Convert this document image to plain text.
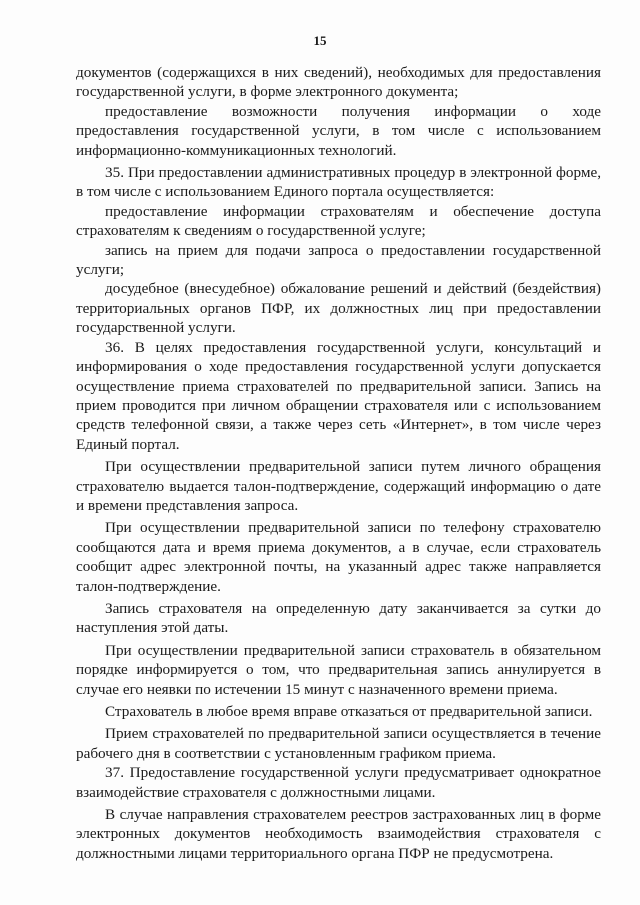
15

документов (содержащихся в них сведений), необходимых для предоставления государственной услуги, в форме электронного документа;

предоставление возможности получения информации о ходе предоставления государственной услуги, в том числе с использованием информационно-коммуникационных технологий.

35. При предоставлении административных процедур в электронной форме, в том числе с использованием Единого портала осуществляется:

предоставление информации страхователям и обеспечение доступа страхователям к сведениям о государственной услуге;

запись на прием для подачи запроса о предоставлении государственной услуги;

досудебное (внесудебное) обжалование решений и действий (бездействия) территориальных органов ПФР, их должностных лиц при предоставлении государственной услуги.

36. В целях предоставления государственной услуги, консультаций и информирования о ходе предоставления государственной услуги допускается осуществление приема страхователей по предварительной записи. Запись на прием проводится при личном обращении страхователя или с использованием средств телефонной связи, а также через сеть «Интернет», в том числе через Единый портал.

При осуществлении предварительной записи путем личного обращения страхователю выдается талон-подтверждение, содержащий информацию о дате и времени представления запроса.

При осуществлении предварительной записи по телефону страхователю сообщаются дата и время приема документов, а в случае, если страхователь сообщит адрес электронной почты, на указанный адрес также направляется талон-подтверждение.

Запись страхователя на определенную дату заканчивается за сутки до наступления этой даты.

При осуществлении предварительной записи страхователь в обязательном порядке информируется о том, что предварительная запись аннулируется в случае его неявки по истечении 15 минут с назначенного времени приема.

Страхователь в любое время вправе отказаться от предварительной записи.

Прием страхователей по предварительной записи осуществляется в течение рабочего дня в соответствии с установленным графиком приема.

37. Предоставление государственной услуги предусматривает однократное взаимодействие страхователя с должностными лицами.

В случае направления страхователем реестров застрахованных лиц в форме электронных документов необходимость взаимодействия страхователя с должностными лицами территориального органа ПФР не предусмотрена.
